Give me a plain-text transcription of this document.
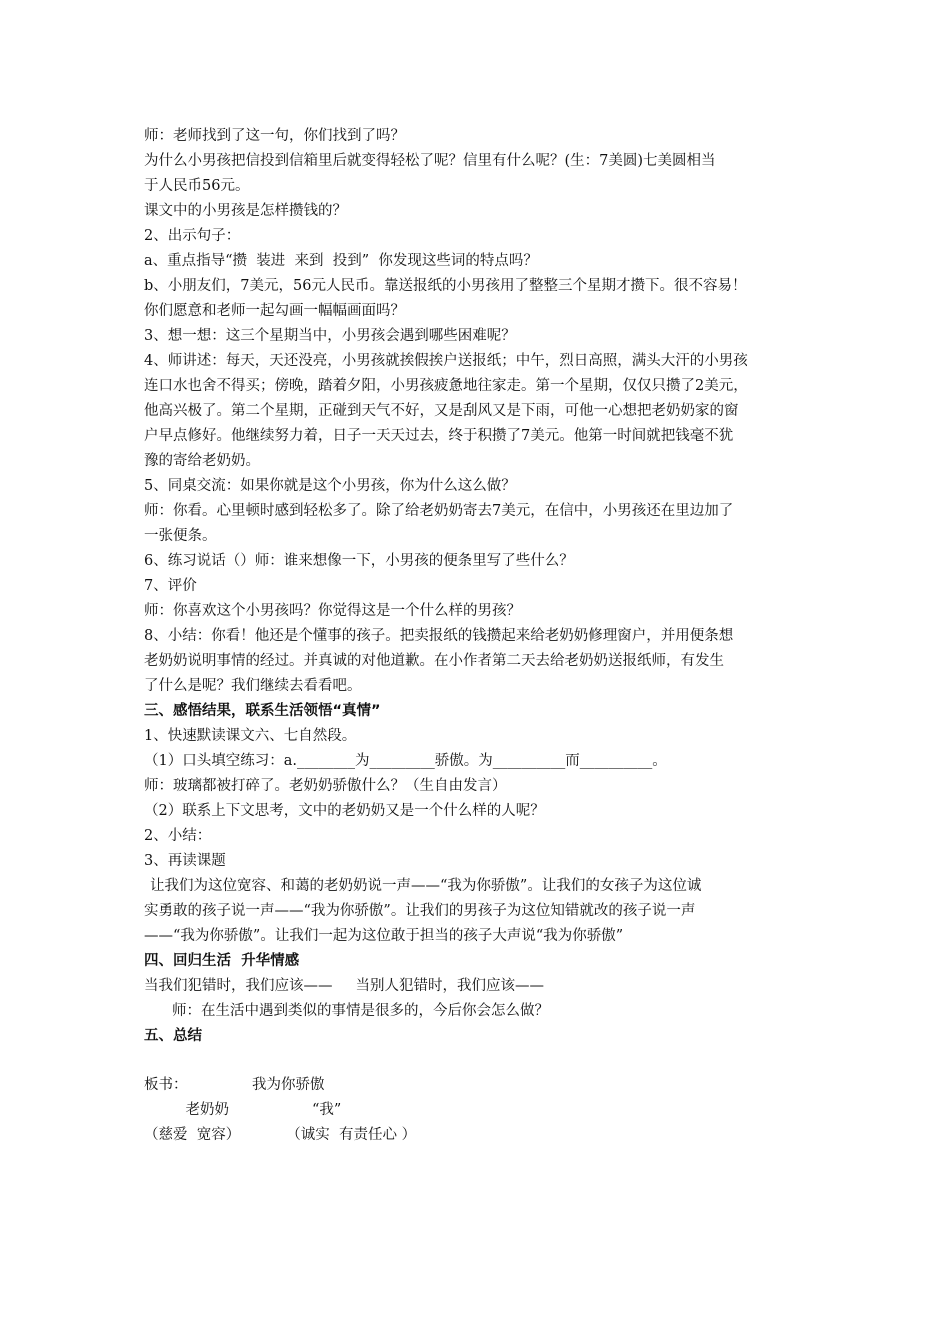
师：老师找到了这一句，你们找到了吗？

为什么小男孩把信投到信箱里后就变得轻松了呢？信里有什么呢？(生：7美圆)七美圆相当

于人民币56元。

课文中的小男孩是怎样攒钱的？

2、出示句子：

a、重点指导“攒  装进  来到  投到”  你发现这些词的特点吗？

b、小朋友们，7美元，56元人民币。靠送报纸的小男孩用了整整三个星期才攒下。很不容易！

你们愿意和老师一起勾画一幅幅画面吗？

3、想一想：这三个星期当中，小男孩会遇到哪些困难呢？

4、师讲述：每天，天还没亮，小男孩就挨假挨户送报纸；中午，烈日高照，满头大汗的小男孩

连口水也舍不得买；傍晚，踏着夕阳，小男孩疲惫地往家走。第一个星期，仅仅只攒了2美元，

他高兴极了。第二个星期，正碰到天气不好，又是刮风又是下雨，可他一心想把老奶奶家的窗

户早点修好。他继续努力着，日子一天天过去，终于积攒了7美元。他第一时间就把钱毫不犹

豫的寄给老奶奶。

5、同桌交流：如果你就是这个小男孩，你为什么这么做？

师：你看。心里顿时感到轻松多了。除了给老奶奶寄去7美元，在信中，小男孩还在里边加了

一张便条。

6、练习说话（）师：谁来想像一下，小男孩的便条里写了些什么？

7、评价

师：你喜欢这个小男孩吗？你觉得这是一个什么样的男孩？

8、小结：你看！他还是个懂事的孩子。把卖报纸的钱攒起来给老奶奶修理窗户，并用便条想

老奶奶说明事情的经过。并真诚的对他道歉。在小作者第二天去给老奶奶送报纸师，有发生

了什么是呢？我们继续去看看吧。

三、感悟结果，联系生活领悟“真情”

1、快速默读课文六、七自然段。

（1）口头填空练习：a.________为_________骄傲。为__________而__________。

师：玻璃都被打碎了。老奶奶骄傲什么？（生自由发言）

（2）联系上下文思考，文中的老奶奶又是一个什么样的人呢？

2、小结：

3、再读课题

让我们为这位宽容、和蔼的老奶奶说一声——“我为你骄傲”。让我们的女孩子为这位诚

实勇敢的孩子说一声——“我为你骄傲”。让我们的男孩子为这位知错就改的孩子说一声

——“我为你骄傲”。让我们一起为这位敢于担当的孩子大声说“我为你骄傲”

四、回归生活  升华情感

当我们犯错时，我们应该——     当别人犯错时，我们应该——

师：在生活中遇到类似的事情是很多的，今后你会怎么做？

五、总结

板书：              我为你骄傲

老奶奶                  “我”

（慈爱  宽容）          （诚实  有责任心 ）
